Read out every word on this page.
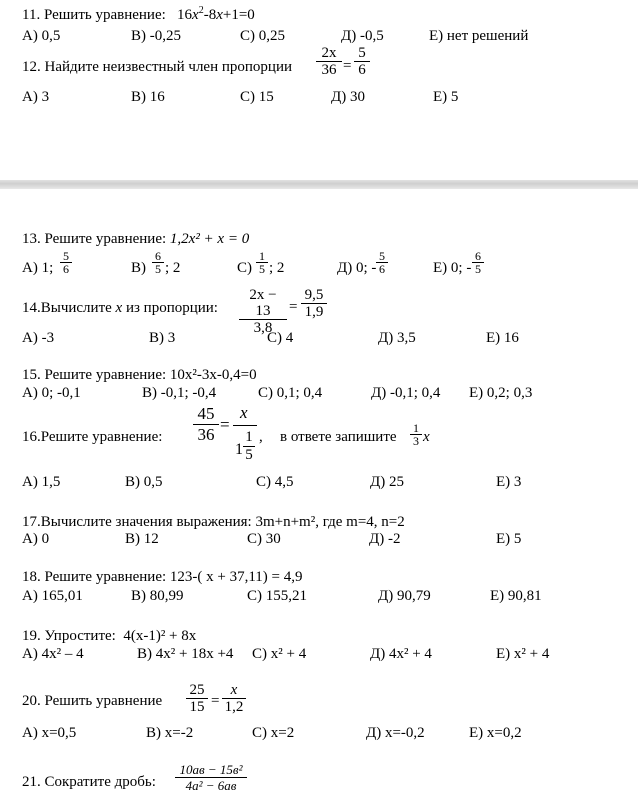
11. Решить уравнение: $16x^2-8x+1=0$
А) 0,5	В) -0,25	С) 0,25	Д) -0,5	Е) нет решений
12. Найдите неизвестный член пропорции
2x
36 =
5
6
А) 3	В) 16	С) 15	Д) 30	Е) 5
13. Решите уравнение: 1,2x² + x = 0
А) 1;
5
6	В)
6
5 ; 2	С)
1
5 ; 2	Д) 0; -
5
6	Е) 0; -
6
5
14.Вычислите x из пропорции:
2x − 13
3,8
=
9,5
1,9
А) -3	В) 3	С) 4	Д) 3,5	Е) 16
15. Решите уравнение: 10x²-3x-0,4=0
А) 0; -0,1	В) -0,1; -0,4	С) 0,1; 0,4	Д) -0,1; 0,4 Е) 0,2; 0,3
16.Решите уравнение:
45
36
=
x
1
1
5
, в ответе запишите
1
3 x
А) 1,5	В) 0,5	С) 4,5	Д) 25	Е) 3
17.Вычислите значения выражения: 3m+n+m², где m=4, n=2
А) 0	В) 12	С) 30	Д) -2	Е) 5
18. Решите уравнение: 123-( x + 37,11) = 4,9
А) 165,01	В) 80,99	С) 155,21	Д) 90,79	Е) 90,81
19. Упростите: 4(x-1)² + 8x
А) 4x² – 4	В) 4x² + 18x +4 С) x² + 4	Д) 4x² + 4	Е) x² + 4
20. Решить уравнение
25
15 =
x
1,2
А) x=0,5	В) x=-2	С) x=2	Д) x=-0,2	Е) x=0,2
21. Сократите дробь:
10aв − 15в²
4a² − 6aв
